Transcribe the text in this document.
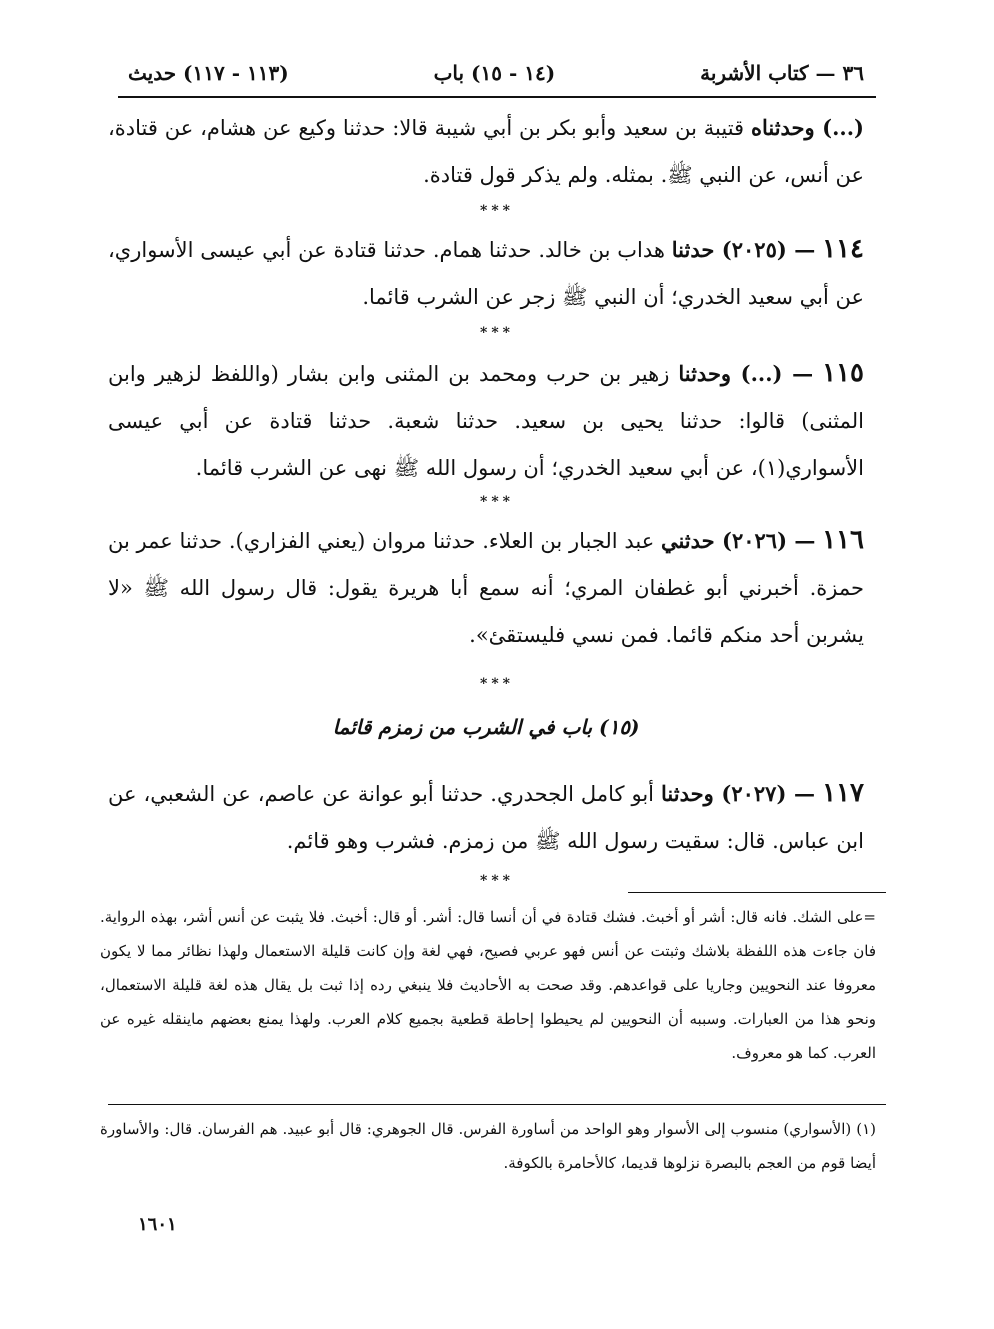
٣٦ — كتاب الأشربة
(١٤ - ١٥) باب
(١١٣ - ١١٧) حديث
(...) وحدثناه قتيبة بن سعيد وأبو بكر بن أبي شيبة قالا: حدثنا وكيع عن هشام، عن قتادة، عن أنس، عن النبي ﷺ. بمثله. ولم يذكر قول قتادة.
***
١١٤ — (٢٠٢٥) حدثنا هداب بن خالد. حدثنا همام. حدثنا قتادة عن أبي عيسى الأسواري، عن أبي سعيد الخدري؛ أن النبي ﷺ زجر عن الشرب قائما.
***
١١٥ — (...) وحدثنا زهير بن حرب ومحمد بن المثنى وابن بشار (واللفظ لزهير وابن المثنى) قالوا: حدثنا يحيى بن سعيد. حدثنا شعبة. حدثنا قتادة عن أبي عيسى الأسواري(١)، عن أبي سعيد الخدري؛ أن رسول الله ﷺ نهى عن الشرب قائما.
***
١١٦ — (٢٠٢٦) حدثني عبد الجبار بن العلاء. حدثنا مروان (يعني الفزاري). حدثنا عمر بن حمزة. أخبرني أبو غطفان المري؛ أنه سمع أبا هريرة يقول: قال رسول الله ﷺ «لا يشربن أحد منكم قائما. فمن نسي فليستقئ».
***
(١٥) باب في الشرب من زمزم قائما
١١٧ — (٢٠٢٧) وحدثنا أبو كامل الجحدري. حدثنا أبو عوانة عن عاصم، عن الشعبي، عن ابن عباس. قال: سقيت رسول الله ﷺ من زمزم. فشرب وهو قائم.
***
=على الشك. فانه قال: أشر أو أخبث. فشك قتادة في أن أنسا قال: أشر. أو قال: أخبث. فلا يثبت عن أنس أشر، بهذه الرواية. فان جاءت هذه اللفظة بلاشك وثبتت عن أنس فهو عربي فصيح، فهي لغة وإن كانت قليلة الاستعمال ولهذا نظائر مما لا يكون معروفا عند النحويين وجاريا على قواعدهم. وقد صحت به الأحاديث فلا ينبغي رده إذا ثبت بل يقال هذه لغة قليلة الاستعمال، ونحو هذا من العبارات. وسببه أن النحويين لم يحيطوا إحاطة قطعية بجميع كلام العرب. ولهذا يمنع بعضهم ماينقله غيره عن العرب. كما هو معروف.
(١) (الأسواري) منسوب إلى الأسوار وهو الواحد من أساورة الفرس. قال الجوهري: قال أبو عبيد. هم الفرسان. قال: والأساورة أيضا قوم من العجم بالبصرة نزلوها قديما، كالأحامرة بالكوفة.
١٦٠١
